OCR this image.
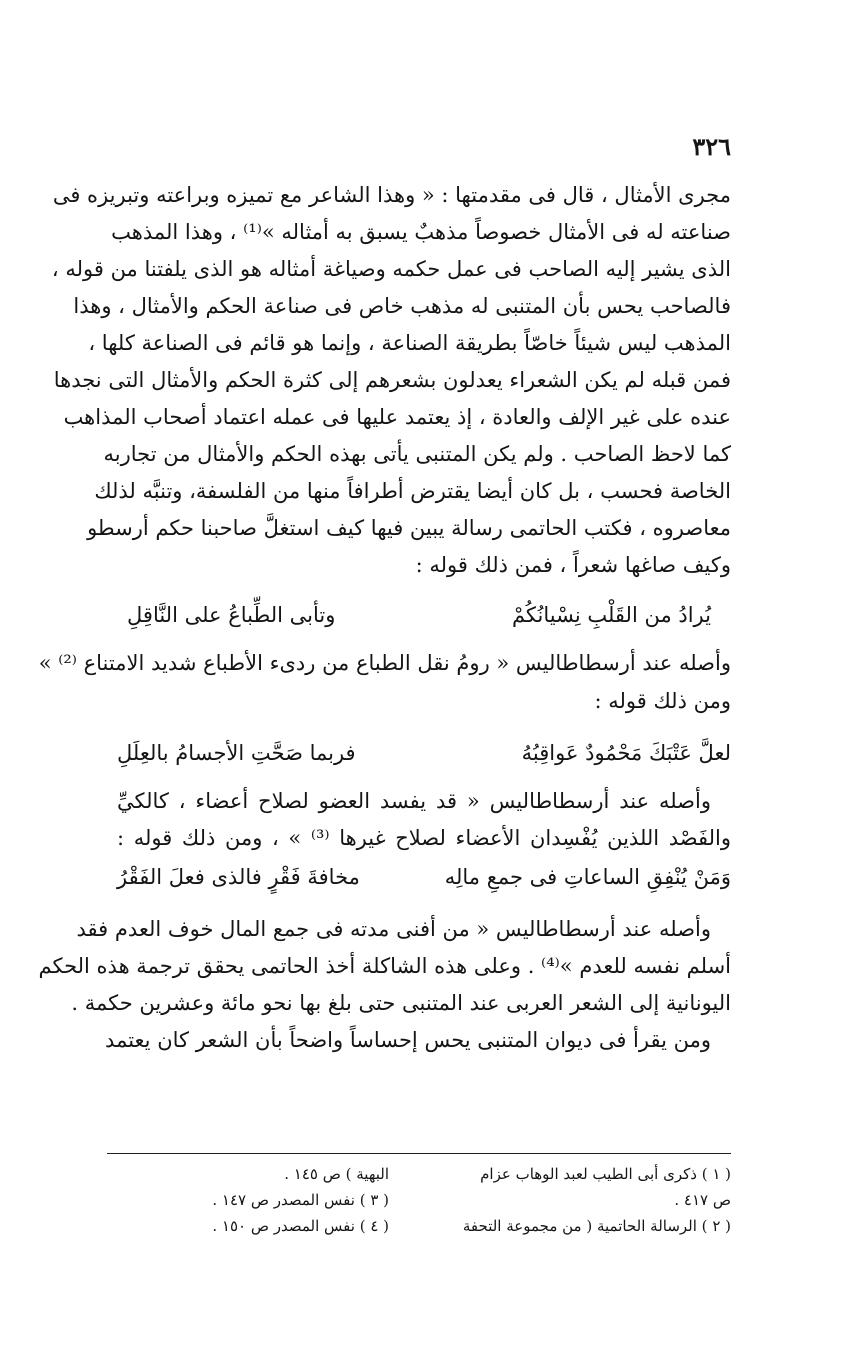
٣٢٦
مجرى الأمثال ، قال فى مقدمتها : « وهذا الشاعر مع تميزه وبراعته وتبريزه فى
صناعته له فى الأمثال خصوصاً مذهبٌ يسبق به أمثاله »⁽¹⁾ ، وهذا المذهب
الذى يشير إليه الصاحب فى عمل حكمه وصياغة أمثاله هو الذى يلفتنا من قوله ،
فالصاحب يحس بأن المتنبى له مذهب خاص فى صناعة الحكم والأمثال ، وهذا
المذهب ليس شيئاً خاصّاً بطريقة الصناعة ، وإنما هو قائم فى الصناعة كلها ،
فمن قبله لم يكن الشعراء يعدلون بشعرهم إلى كثرة الحكم والأمثال التى نجدها
عنده على غير الإلف والعادة ، إذ يعتمد عليها فى عمله اعتماد أصحاب المذاهب
كما لاحظ الصاحب . ولم يكن المتنبى يأتى بهذه الحكم والأمثال من تجاربه
الخاصة فحسب ، بل كان أيضا يقترض أطرافاً منها من الفلسفة، وتنبَّه لذلك
معاصروه ، فكتب الحاتمى رسالة يبين فيها كيف استغلَّ صاحبنا حكم أرسطو
وكيف صاغها شعراً ، فمن ذلك قوله :
يُرادُ من القَلْبِ نِسْيانُكُمْ
وتأبى الطِّباعُ على النَّاقِلِ
وأصله عند أرسطاطاليس « رومُ نقل الطباع من ردىء الأطباع شديد الامتناع ⁽²⁾ »
ومن ذلك قوله :
لعلَّ عَتْبَكَ مَحْمُودٌ عَواقِبُهُ
فربما صَحَّتِ الأجسامُ بالعِلَلِ
وأصله عند أرسطاطاليس « قد يفسد العضو لصلاح أعضاء ، كالكيِّ
والفَصْد اللذين يُفْسِدان الأعضاء لصلاح غيرها ⁽³⁾ » ، ومن ذلك قوله :
وَمَنْ يُنْفِقِ الساعاتِ فى جمعِ مالِه
مخافةَ فَقْرٍ فالذى فعلَ الفَقْرُ
وأصله عند أرسطاطاليس « من أفنى مدته فى جمع المال خوف العدم فقد
أسلم نفسه للعدم »⁽⁴⁾ . وعلى هذه الشاكلة أخذ الحاتمى يحقق ترجمة هذه الحكم
اليونانية إلى الشعر العربى عند المتنبى حتى بلغ بها نحو مائة وعشرين حكمة .
ومن يقرأ فى ديوان المتنبى يحس إحساساً واضحاً بأن الشعر كان يعتمد
( ١ ) ذكرى أبى الطيب لعبد الوهاب عزام
البهية ) ص ١٤٥ .
ص ٤١٧ .
( ٣ ) نفس المصدر ص ١٤٧ .
( ٢ ) الرسالة الحاتمية ( من مجموعة التحفة
( ٤ ) نفس المصدر ص ١٥٠ .
